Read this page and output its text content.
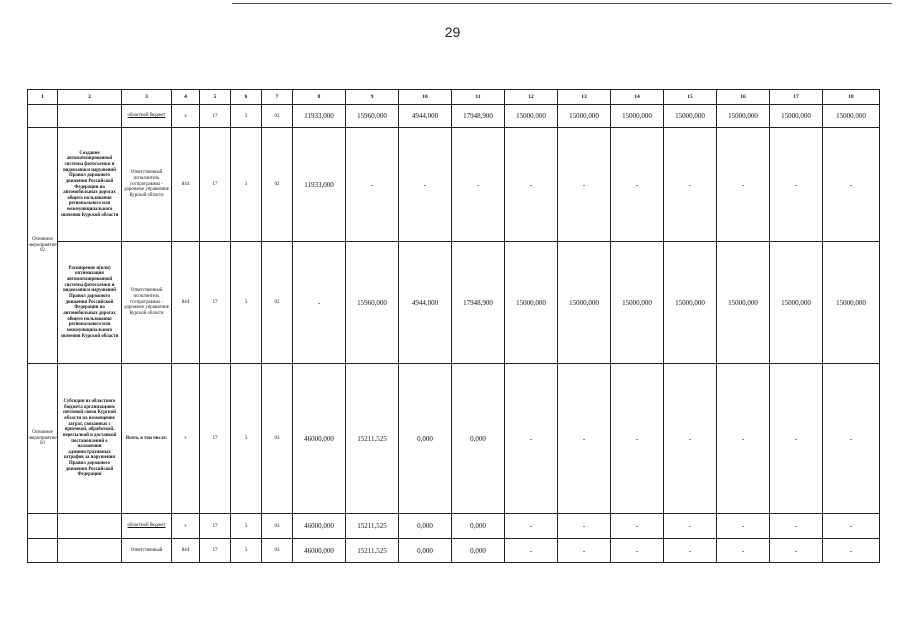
29
1	2	3	4	5	6	7	8	9	10	11	12	13	14	15	16	17	18
		областной бюджет	х	17	3	02	11933,000	15960,000	4944,000	17948,900	15000,000	15000,000	15000,000	15000,000	15000,000	15000,000	15000,000
Основное мероприятие 02	Создание автоматизированной системы фотосъемки и видеозаписи нарушений Правил дорожного движения Российской Федерации на автомобильных дорогах общего пользования регионального или межмуниципального значения Курской области	Ответственный исполнитель госпрограммы - дорожное управление Курской области	844	17	3	02	11933,000	-	-	-	-	-	-	-	-	-	-
	Расширение и(или) оптимизация автоматизированной системы фотосъемки и видеозаписи нарушений Правил дорожного движения Российской Федерации на автомобильных дорогах общего пользования регионального или межмуниципального значения Курской области	Ответственный исполнитель госпрограммы - дорожное управление Курской области	844	17	3	02	-	15960,000	4944,000	17948,900	15000,000	15000,000	15000,000	15000,000	15000,000	15000,000	15000,000
Основное мероприятие 03	Субсидии из областного бюджета организациям почтовой связи Курской области на возмещение затрат, связанных с приемкой, обработкой, пересылкой и доставкой постановлений о наложении административных штрафов за нарушения Правил дорожного движения Российской Федерации	Всего, в том числе:	х	17	3	03	46000,000	15211,525	0,000	0,000	-	-	-	-	-	-	-
		областной бюджет	х	17	3	03	46000,000	15211,525	0,000	0,000	-	-	-	-	-	-	-
		Ответственный	844	17	3	03	46000,000	15211,525	0,000	0,000	-	-	-	-	-	-	-
